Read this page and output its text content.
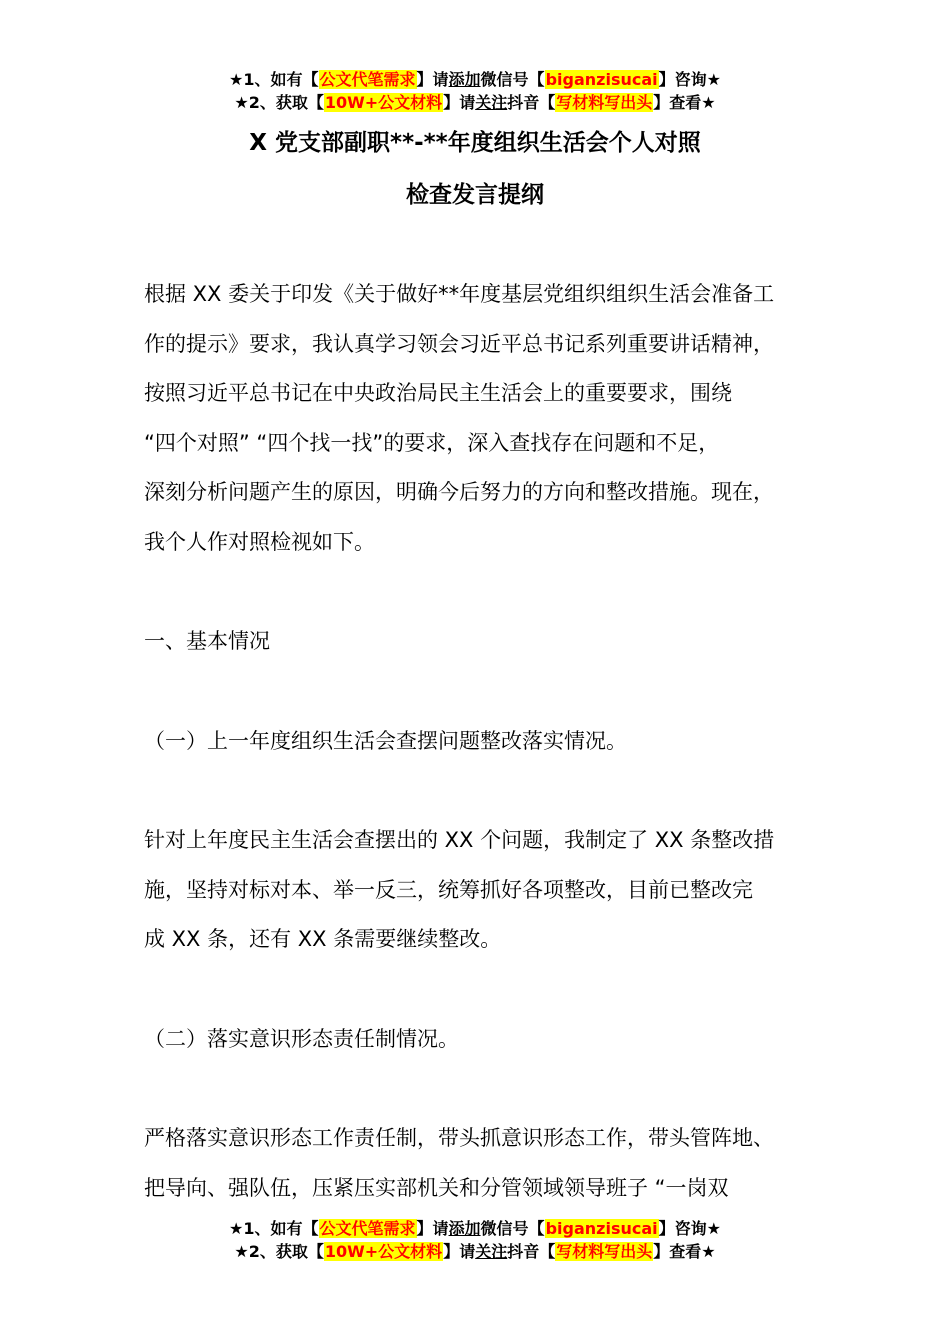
★1、如有【公文代笔需求】请添加微信号【biganzisucai】咨询★
★2、获取【10W+公文材料】请关注抖音【写材料写出头】查看★
X 党支部副职**-**年度组织生活会个人对照
检查发言提纲
根据 XX 委关于印发《关于做好**年度基层党组织组织生活会准备工
作的提示》要求，我认真学习领会习近平总书记系列重要讲话精神，
按照习近平总书记在中央政治局民主生活会上的重要要求，围绕
“四个对照” “四个找一找”的要求，深入查找存在问题和不足，
深刻分析问题产生的原因，明确今后努力的方向和整改措施。现在，
我个人作对照检视如下。
一、基本情况
（一）上一年度组织生活会查摆问题整改落实情况。
针对上年度民主生活会查摆出的 XX 个问题，我制定了 XX 条整改措
施，坚持对标对本、举一反三，统筹抓好各项整改，目前已整改完
成 XX 条，还有 XX 条需要继续整改。
（二）落实意识形态责任制情况。
严格落实意识形态工作责任制，带头抓意识形态工作，带头管阵地、
把导向、强队伍，压紧压实部机关和分管领域领导班子 “一岗双
★1、如有【公文代笔需求】请添加微信号【biganzisucai】咨询★
★2、获取【10W+公文材料】请关注抖音【写材料写出头】查看★
